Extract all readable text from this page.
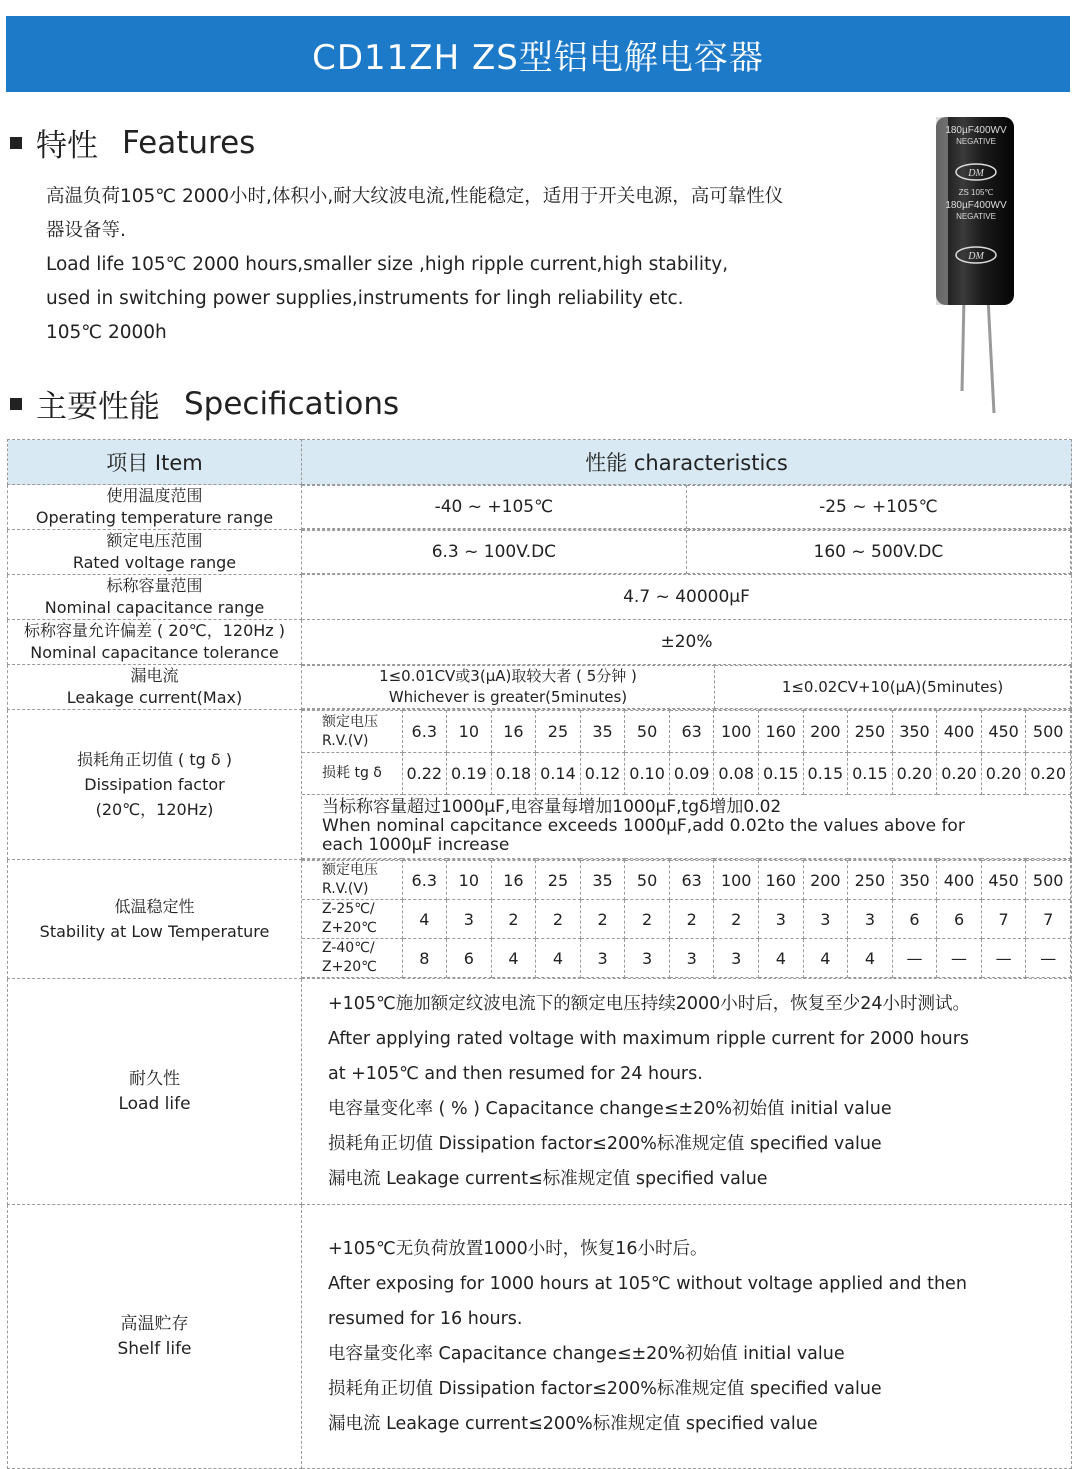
CD11ZH ZS型铝电解电容器
特性 Features

高温负荷105℃ 2000小时,体积小,耐大纹波电流,性能稳定，适用于开关电源，高可靠性仪

器设备等.

Load life 105℃ 2000 hours,smaller size ,high ripple current,high stability,

used in switching power supplies,instruments for lingh reliability etc.

105℃ 2000h

180µF400WV
NEGATIVE
DM
ZS 105℃
180µF400WV
NEGATIVE
DM
主要性能 Specifications
项目 Item	性能 characteristics

使用温度范围
Operating temperature range

-40 ~ +105℃	-25 ~ +105℃

额定电压范围
Rated voltage range

6.3 ~ 100V.DC	160 ~ 500V.DC

标称容量范围
Nominal capacitance range
	4.7 ~ 40000µF

标称容量允许偏差 ( 20℃，120Hz )
Nominal capacitance tolerance
	±20%

漏电流
Leakage current(Max)

1≤0.01CV或3(µA)取较大者 ( 5分钟 )
Whichever is greater(5minutes)
	1≤0.02CV+10(µA)(5minutes)

损耗角正切值 ( tg δ )
Dissipation factor
(20℃，120Hz)

额定电压
R.V.(V)	6.3	10	16	25	35	50	63	100	160	200	250	350	400	450	500
损耗 tg δ	0.22	0.19	0.18	0.14	0.12	0.10	0.09	0.08	0.15	0.15	0.15	0.20	0.20	0.20	0.20

当标称容量超过1000µF,电容量每增加1000µF,tgδ增加0.02
When nominal capcitance exceeds 1000µF,add 0.02to the values above for
each 1000µF increase

低温稳定性
Stability at Low Temperature

额定电压
R.V.(V)	6.3	10	16	25	35	50	63	100	160	200	250	350	400	450	500

Z-25℃/
Z+20℃	4	3	2	2	2	2	2	2	3	3	3	6	6	7	7

Z-40℃/
Z+20℃	8	6	4	4	3	3	3	3	4	4	4	—	—	—	—

耐久性
Load life

+105℃施加额定纹波电流下的额定电压持续2000小时后，恢复至少24小时测试。
After applying rated voltage with maximum ripple current for 2000 hours
at +105℃ and then resumed for 24 hours.
电容量变化率 ( % ) Capacitance change≤±20%初始值 initial value
损耗角正切值 Dissipation factor≤200%标准规定值 specified value
漏电流 Leakage current≤标准规定值 specified value

高温贮存
Shelf life

+105℃无负荷放置1000小时，恢复16小时后。
After exposing for 1000 hours at 105℃ without voltage applied and then
resumed for 16 hours.
电容量变化率 Capacitance change≤±20%初始值 initial value
损耗角正切值 Dissipation factor≤200%标准规定值 specified value
漏电流 Leakage current≤200%标准规定值 specified value
